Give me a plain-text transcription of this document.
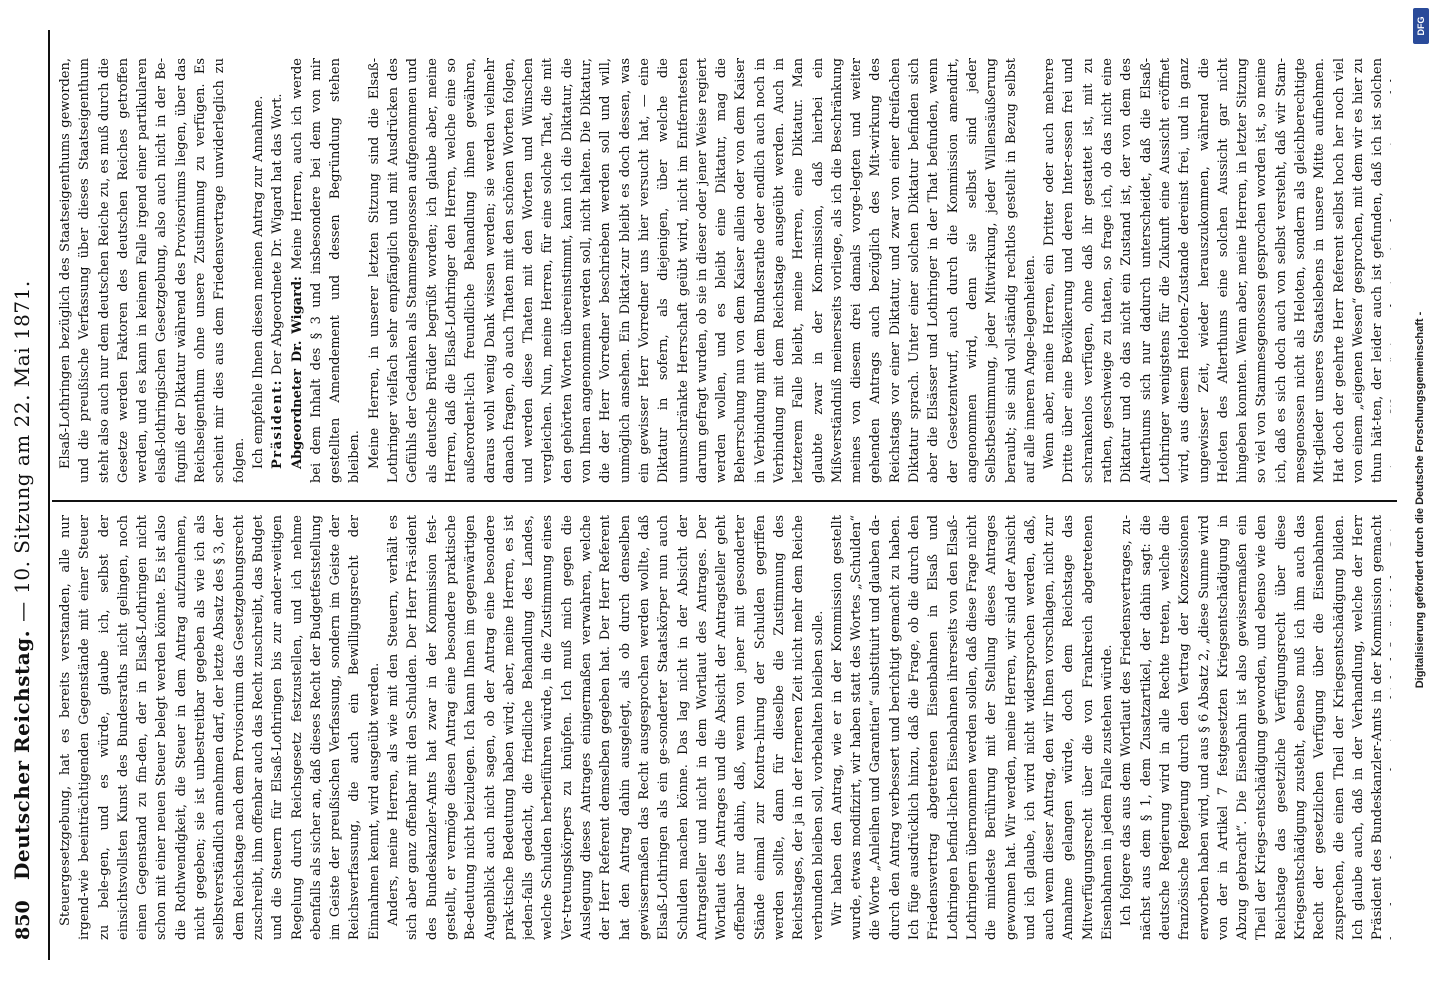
850
Deutscher Reichstag.
—
10. Sitzung am 22. Mai 1871.

Steuergesetzgebung, hat es bereits verstanden, alle nur irgend-wie beeinträchtigenden Gegenstände mit einer Steuer zu bele-gen, und es würde, glaube ich, selbst der einsichtsvollsten Kunst des Bundesraths nicht gelingen, noch einen Gegenstand zu fin-den, der in Elsaß-Lothringen nicht schon mit einer neuen Steuer belegt werden könnte. Es ist also die Rothwendigkeit, die Steuer in dem Antrag aufzunehmen, nicht gegeben; sie ist unbestreitbar gegeben als wie ich als selbstverständlich annehmen darf, der letzte Absatz des § 3, der dem Reichstage nach dem Provisorium das Gesetzgebungsrecht zuschreibt, ihm offenbar auch das Recht zuschreibt, das Budget und die Steuern für Elsaß-Lothringen bis zur ander-weitigen Regelung durch Reichsgesetz festzustellen, und ich nehme ebenfalls als sicher an, daß dieses Recht der Budgetfeststellung im Geiste der preußischen Verfassung, sondern im Geiste der Reichsverfassung, die auch ein Bewilligungsrecht der Einnahmen kennt, wird ausgeübt werden. Anders, meine Herren, als wie mit den Steuern, verhält es sich aber ganz offenbar mit den Schulden. Der Herr Prä-sident des Bundeskanzler-Amts hat zwar in der Kommission fest-gestellt, er vermöge diesen Antrag eine besondere praktische Be-deutung nicht beizulegen. Ich kann Ihnen im gegenwärtigen Augenblick auch nicht sagen, ob der Antrag eine besondere prak-tische Bedeutung haben wird; aber, meine Herren, es ist jeden-falls gedacht, die friedliche Behandlung des Landes, welche Schulden herbeiführen würde, in die Zustimmung eines Ver-tretungskörpers zu knüpfen. Ich muß mich gegen die Auslegung dieses Antrages einigermaßen verwahren, welche der Herr Referent demselben gegeben hat. Der Herr Referent hat den Antrag dahin ausgelegt, als ob durch denselben gewissermaßen das Recht ausgesprochen werden wollte, daß Elsaß-Lothringen als ein ge-sonderter Staatskörper nun auch Schulden machen könne. Das lag nicht in der Absicht der Antragsteller und nicht in dem Wortlaut des Antrages. Der Wortlaut des Antrages und die Absicht der Antragsteller geht offenbar nur dahin, daß, wenn von jener mit gesonderter Stände einmal zur Kontra-hirung der Schulden gegriffen werden sollte, dann für dieselbe die Zustimmung des Reichstages, der ja in der ferneren Zeit nicht mehr dem Reiche verbunden bleiben soll, vorbehalten bleiben solle. Wir haben den Antrag, wie er in der Kommission gestellt wurde, etwas modifizirt, wir haben statt des Wortes „Schulden“ die Worte „Anleihen und Garantien“ substituirt und glauben da-durch den Antrag verbessert und berichtigt gemacht zu haben. Ich füge ausdrücklich hinzu, daß die Frage, ob die durch den Friedensvertrag abgetretenen Eisenbahnen in Elsaß und Lothringen befind-lichen Eisenbahnen ihrerseits von den Elsaß-Lothringern übernommen werden sollen, daß diese Frage nicht die mindeste Berührung mit der Stellung dieses Antrages gewonnen hat. Wir werden, meine Herren, wir sind der Ansicht und ich glaube, ich wird nicht widersprochen werden, daß, auch wenn dieser Antrag, den wir Ihnen vorschlagen, nicht zur Annahme gelangen würde, doch dem Reichstage das Mitverfügungsrecht über die von Frankreich abgetretenen Eisenbahnen in jedem Falle zustehen würde. Ich folgere das aus dem Wortlaut des Friedensvertrages, zu-nächst aus dem § 1, dem Zusatzartikel, der dahin sagt: die deutsche Regierung wird in alle Rechte treten, welche die französische Regierung durch den Vertrag der Konzessionen erworben haben wird, und aus § 6 Absatz 2, „diese Summe wird von der in Artikel 7 festgesetzten Kriegsentschädigung in Abzug gebracht“. Die Eisenbahn ist also gewissermaßen ein Theil der Kriegs-entschädigung geworden, und ebenso wie den Reichstage das gesetzliche Verfügungsrecht über diese Kriegsentschädigung zusteht, ebenso muß ich ihm auch das Recht der gesetzlichen Verfügung über die Eisenbahnen zusprechen, die einen Theil der Kriegsentschädigung bilden. Ich glaube auch, daß in der Verhandlung, welche der Herr Präsident des Bundeskanzler-Amts in der Kommission gemacht

Elsaß-Lothringen bezüglich des Staatseigenthums geworden, und die preußische Verfassung über dieses Staatseigenthum steht also auch nur dem deutschen Reiche zu, es muß durch die Gesetze werden Faktoren des deutschen Reiches getroffen werden, und es kann in keinem Falle irgend einer partikularen elsaß-lothringischen Gesetzgebung, also auch nicht in der Be-fugniß der Diktatur während des Provisoriums liegen, über das Reichseigenthum ohne unsere Zustimmung zu verfügen. Es scheint mir dies aus dem Friedensvertrage unwiderleglich zu folgen. Ich empfehle Ihnen diesen meinen Antrag zur Annahme. Präsident: Der Abgeordnete Dr. Wigard hat das Wort. Abgeordneter Dr. Wigard: Meine Herren, auch ich werde bei dem Inhalt des § 3 und insbesondere bei dem von mir gestellten Amendement und dessen Begründung stehen bleiben. Meine Herren, in unserer letzten Sitzung sind die Elsaß-Lothringer vielfach sehr empfänglich und mit Ausdrücken des Gefühls der Gedanken als Stammesgenossen aufgenommen und als deutsche Brüder begrüßt worden; ich glaube aber, meine Herren, daß die Elsaß-Lothringer den Herren, welche eine so außerordent-lich freundliche Behandlung ihnen gewähren, daraus wohl wenig Dank wissen werden; sie werden vielmehr danach fragen, ob auch Thaten mit den schönen Worten folgen, und werden diese Thaten mit den Worten und Wünschen vergleichen. Nun, meine Herren, für eine solche That, die mit den gehörten Worten übereinstimmt, kann ich die Diktatur, die von Ihnen angenommen werden soll, nicht halten. Die Diktatur, die der Herr Vorredner beschrieben werden soll und will, unmöglich ansehen. Ein Diktat-zur bleibt es doch dessen, was ein gewisser Herr Vorredner uns hier versucht hat, — eine Diktatur in sofern, als diejenigen, über welche die unumschränkte Herrschaft geübt wird, nicht im Entferntesten darum gefragt wurden, ob sie in dieser oder jener Weise regiert werden wollen, und es bleibt eine Diktatur, mag die Beherrschung nun von dem Kaiser allein oder von dem Kaiser in Verbindung mit dem Bundesrathe oder endlich auch noch in Verbindung mit dem Reichstage ausgeübt werden. Auch in letzterem Falle bleibt, meine Herren, eine Diktatur. Man glaubte zwar in der Kom-mission, daß hierbei ein Mißverständniß meinerseits vorliege, als ich die Beschränkung meines von diesem drei damals vorge-legten und weiter gehenden Antrags auch bezüglich des Mit-wirkung des Reichstags vor einer Diktatur, und zwar von einer dreifachen Diktatur sprach. Unter einer solchen Diktatur befinden sich aber die Elsässer und Lothringer in der That befunden, wenn der Gesetzentwurf, auch durch die Kommission amendirt, angenommen wird, denn sie selbst sind jeder Selbstbestimmung, jeder Mitwirkung, jeder Willensäußerung beraubt; sie sind voll-ständig rechtlos gestellt in Bezug selbst auf alle inneren Ange-legenheiten. Wenn aber, meine Herren, ein Dritter oder auch mehrere Dritte über eine Bevölkerung und deren Inter-essen frei und schrankenlos verfügen, ohne daß ihr gestattet ist, mit zu rathen, geschweige zu thaten, so frage ich, ob das nicht eine Diktatur und ob das nicht ein Zustand ist, der von dem des Alterthums sich nur dadurch unterscheidet, daß die Elsaß-Lothringer wenigstens für die Zukunft eine Aussicht eröffnet wird, aus diesem Heloten-Zustande dereinst frei, und in ganz ungewisser Zeit, wieder herauszukommen, während die Heloten des Alterthums eine solchen Aussicht gar nicht hingeben konnten. Wenn aber, meine Herren, in letzter Sitzung so viel von Stammesgenossen gesprochen worden ist, so meine ich, daß es sich doch auch von selbst versteht, daß wir Stam-mesgenossen nicht als Heloten, sondern als gleichberechtigte Mit-glieder unseres Staatslebens in unsere Mitte aufnehmen. Hat doch der geehrte Herr Referent selbst hoch her noch viel von einem „eigenen Wesen“ gesprochen, mit dem wir es hier zu thun hät-ten, der leider auch ist gefunden, daß ich ist solchen

DFG
Digitalisierung gefördert durch die Deutsche Forschungsgemeinschaft -
